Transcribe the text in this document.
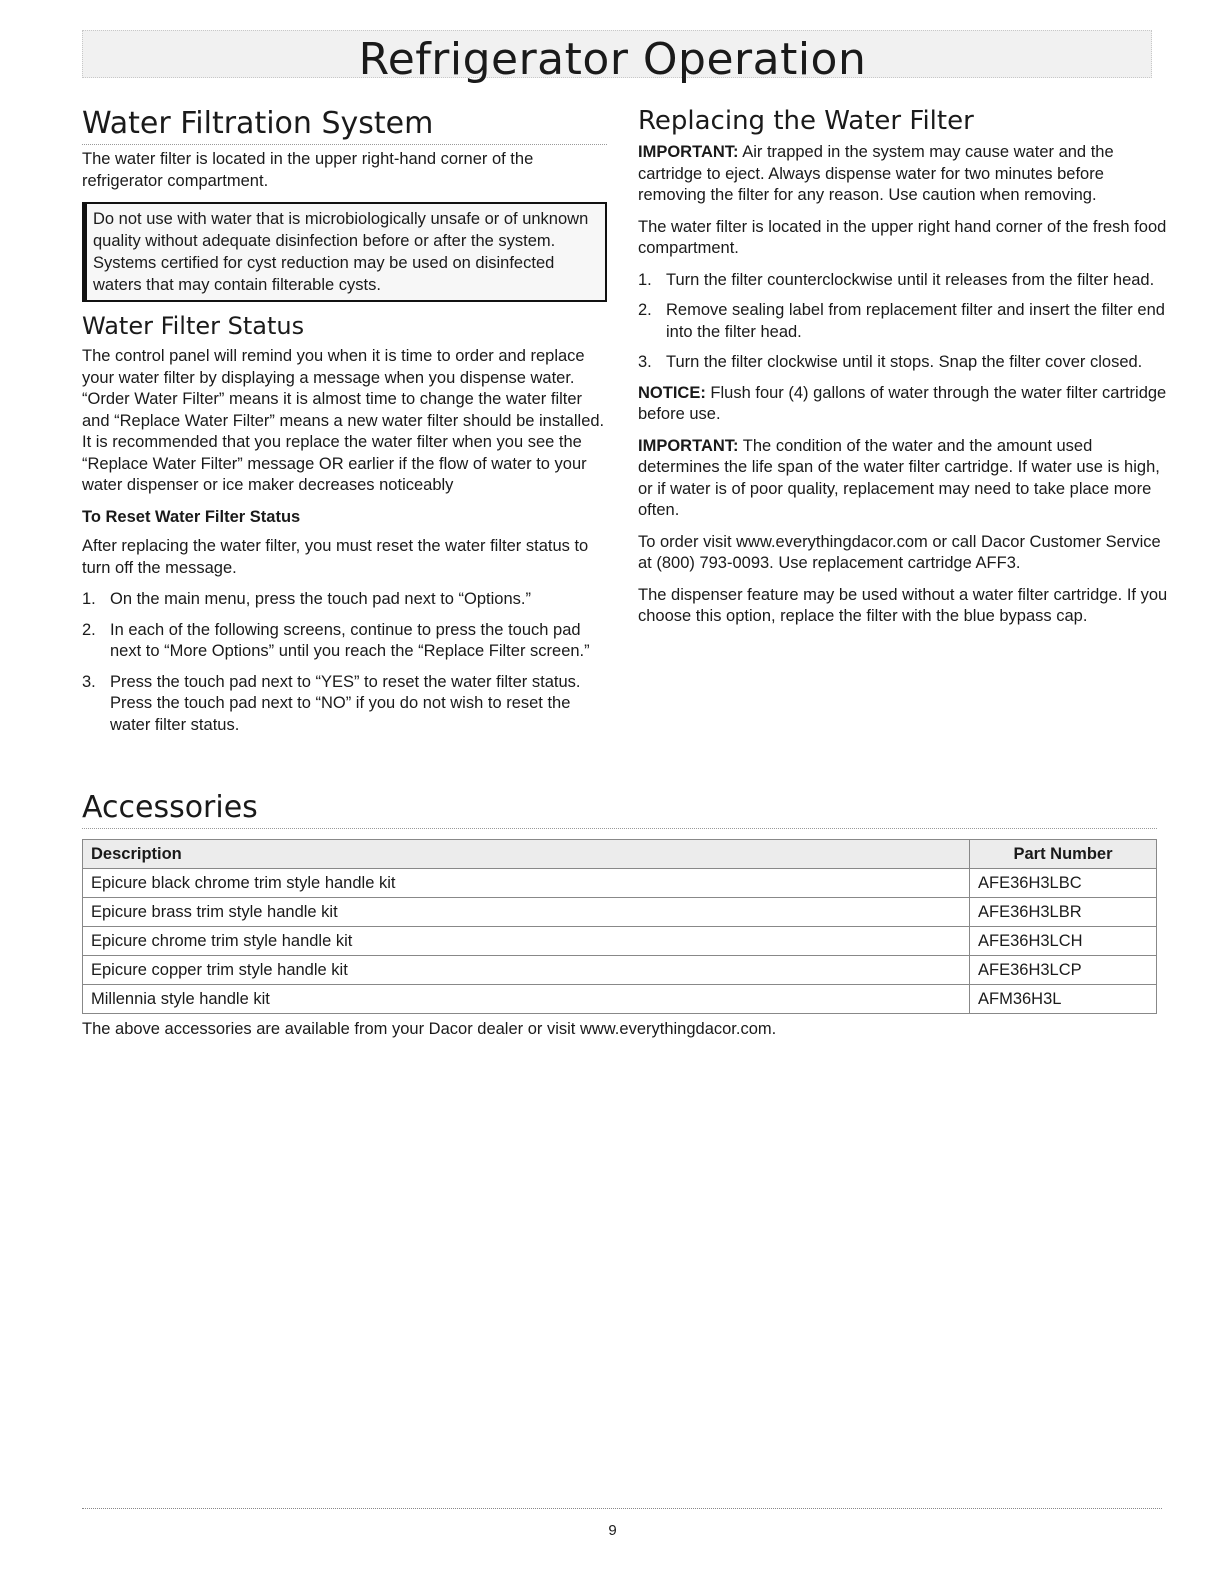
Refrigerator Operation
Water Filtration System

The water filter is located in the upper right-hand corner of the refrigerator compartment.

Do not use with water that is microbiologically unsafe or of unknown quality without adequate disinfection before or after the system. Systems certified for cyst reduction may be used on disinfected waters that may contain filterable cysts.
Water Filter Status

The control panel will remind you when it is time to order and replace your water filter by displaying a message when you dispense water. “Order Water Filter” means it is almost time to change the water filter and “Replace Water Filter” means a new water filter should be installed. It is recommended that you replace the water filter when you see the “Replace Water Filter” message OR earlier if the flow of water to your water dispenser or ice maker decreases noticeably

To Reset Water Filter Status

After replacing the water filter, you must reset the water filter status to turn off the message.

1. On the main menu, press the touch pad next to “Options.”
2. In each of the following screens, continue to press the touch pad next to “More Options” until you reach the “Replace Filter screen.”
3. Press the touch pad next to “YES” to reset the water filter status. Press the touch pad next to “NO” if you do not wish to reset the water filter status.
Replacing the Water Filter

IMPORTANT: Air trapped in the system may cause water and the cartridge to eject. Always dispense water for two minutes before removing the filter for any reason. Use caution when removing.

The water filter is located in the upper right hand corner of the fresh food compartment.

1. Turn the filter counterclockwise until it releases from the filter head.
2. Remove sealing label from replacement filter and insert the filter end into the filter head.
3. Turn the filter clockwise until it stops. Snap the filter cover closed.

NOTICE: Flush four (4) gallons of water through the water filter cartridge before use.

IMPORTANT: The condition of the water and the amount used determines the life span of the water filter cartridge. If water use is high, or if water is of poor quality, replacement may need to take place more often.

To order visit www.everythingdacor.com or call Dacor Customer Service at (800) 793-0093. Use replacement cartridge AFF3.

The dispenser feature may be used without a water filter cartridge. If you choose this option, replace the filter with the blue bypass cap.

Accessories
Description	Part Number
Epicure black chrome trim style handle kit	AFE36H3LBC
Epicure brass trim style handle kit	AFE36H3LBR
Epicure chrome trim style handle kit	AFE36H3LCH
Epicure copper trim style handle kit	AFE36H3LCP
Millennia style handle kit	AFM36H3L
The above accessories are available from your Dacor dealer or visit www.everythingdacor.com.
9
